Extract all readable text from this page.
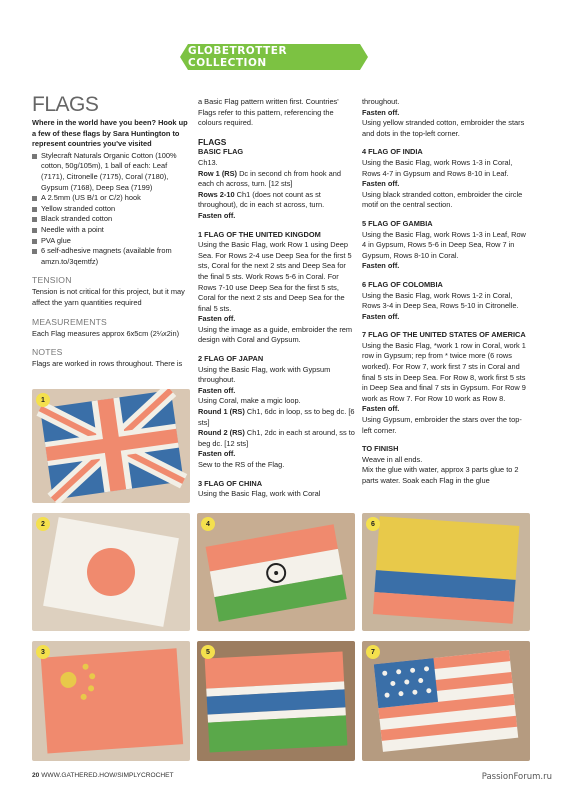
GLOBETROTTER COLLECTION
FLAGS

Where in the world have you been? Hook up a few of these flags by Sara Huntington to represent countries you've visited

Stylecraft Naturals Organic Cotton (100% cotton, 50g/105m), 1 ball of each: Leaf (7171), Citronelle (7175), Coral (7180), Gypsum (7168), Deep Sea (7199)
A 2.5mm (US B/1 or C/2) hook
Yellow stranded cotton
Black stranded cotton
Needle with a point
PVA glue
6 self-adhesive magnets (available from amzn.to/3qemtfz)
TENSION

Tension is not critical for this project, but it may affect the yarn quantities required

MEASUREMENTS

Each Flag measures approx 6x5cm (2¼x2in)

NOTES

Flags are worked in rows throughout. There is

a Basic Flag pattern written first. Countries' Flags refer to this pattern, referencing the colours required.

FLAGS
BASIC FLAG

Ch13.

Row 1 (RS) Dc in second ch from hook and each ch across, turn. [12 sts]

Rows 2-10 Ch1 (does not count as st throughout), dc in each st across, turn.

Fasten off.

1 FLAG OF THE UNITED KINGDOM

Using the Basic Flag, work Row 1 using Deep Sea. For Rows 2-4 use Deep Sea for the first 5 sts, Coral for the next 2 sts and Deep Sea for the final 5 sts. Work Rows 5-6 in Coral. For Rows 7-10 use Deep Sea for the first 5 sts, Coral for the next 2 sts and Deep Sea for the final 5 sts.

Fasten off.

Using the image as a guide, embroider the rem design with Coral and Gypsum.

2 FLAG OF JAPAN

Using the Basic Flag, work with Gypsum throughout.

Fasten off.

Using Coral, make a mgic loop.

Round 1 (RS) Ch1, 6dc in loop, ss to beg dc. [6 sts]

Round 2 (RS) Ch1, 2dc in each st around, ss to beg dc. [12 sts]

Fasten off.

Sew to the RS of the Flag.

3 FLAG OF CHINA

Using the Basic Flag, work with Coral

throughout.

Fasten off.

Using yellow stranded cotton, embroider the stars and dots in the top-left corner.

4 FLAG OF INDIA

Using the Basic Flag, work Rows 1-3 in Coral, Rows 4-7 in Gypsum and Rows 8-10 in Leaf.

Fasten off.

Using black stranded cotton, embroider the circle motif on the central section.

5 FLAG OF GAMBIA

Using the Basic Flag, work Rows 1-3 in Leaf, Row 4 in Gypsum, Rows 5-6 in Deep Sea, Row 7 in Gypsum, Rows 8-10 in Coral.

Fasten off.

6 FLAG OF COLOMBIA

Using the Basic Flag, work Rows 1-2 in Coral, Rows 3-4 in Deep Sea, Rows 5-10 in Citronelle.

Fasten off.

7 FLAG OF THE UNITED STATES OF AMERICA

Using the Basic Flag, *work 1 row in Coral, work 1 row in Gypsum; rep from * twice more (6 rows worked). For Row 7, work first 7 sts in Coral and final 5 sts in Deep Sea. For Row 8, work first 5 sts in Deep Sea and final 7 sts in Gypsum. For Row 9 work as Row 7. For Row 10 work as Row 8.

Fasten off.

Using Gypsum, embroider the stars over the top-left corner.

TO FINISH

Weave in all ends.

Mix the glue with water, approx 3 parts glue to 2 parts water. Soak each Flag in the glue

1
2
3
4
5
6
7
20 WWW.GATHERED.HOW/SIMPLYCROCHET	PassionForum.ru
